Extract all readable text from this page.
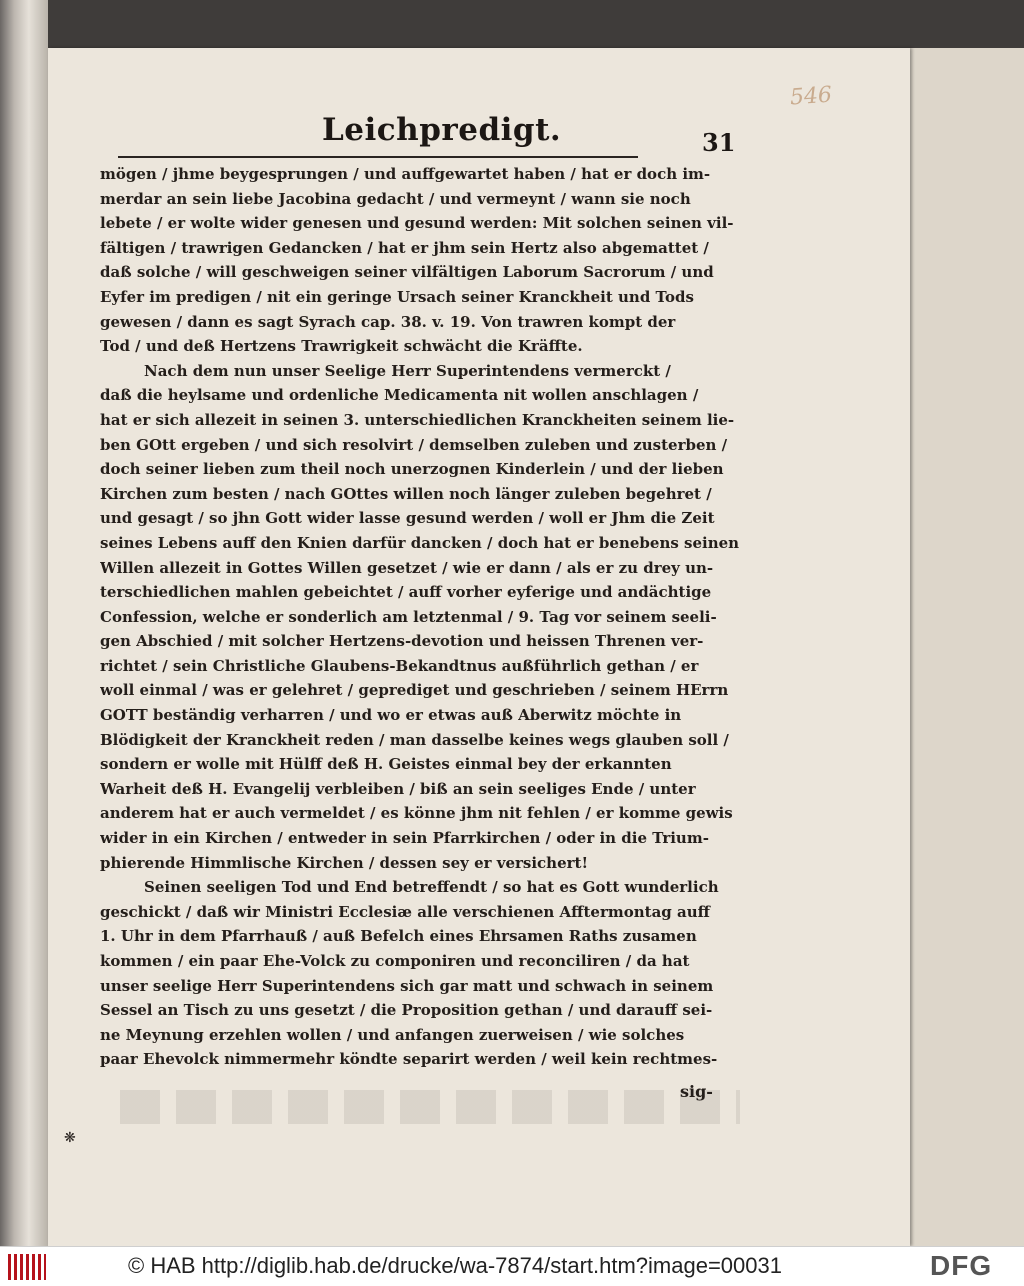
546
Leichpredigt.	31
mögen / jhme beygesprungen / und auffgewartet haben / hat er doch im-
merdar an sein liebe Jacobina gedacht / und vermeynt / wann sie noch
lebete / er wolte wider genesen und gesund werden: Mit solchen seinen vil-
fältigen / trawrigen Gedancken / hat er jhm sein Hertz also abgemattet /
daß solche / will geschweigen seiner vilfältigen Laborum Sacrorum / und
Eyfer im predigen / nit ein geringe Ursach seiner Kranckheit und Tods
gewesen / dann es sagt Syrach cap. 38. v. 19. Von trawren kompt der
Tod / und deß Hertzens Trawrigkeit schwächt die Kräffte.
Nach dem nun unser Seelige Herr Superintendens vermerckt /
daß die heylsame und ordenliche Medicamenta nit wollen anschlagen /
hat er sich allezeit in seinen 3. unterschiedlichen Kranckheiten seinem lie-
ben GOtt ergeben / und sich resolvirt / demselben zuleben und zusterben /
doch seiner lieben zum theil noch unerzognen Kinderlein / und der lieben
Kirchen zum besten / nach GOttes willen noch länger zuleben begehret /
und gesagt / so jhn Gott wider lasse gesund werden / woll er Jhm die Zeit
seines Lebens auff den Knien darfür dancken / doch hat er benebens seinen
Willen allezeit in Gottes Willen gesetzet / wie er dann / als er zu drey un-
terschiedlichen mahlen gebeichtet / auff vorher eyferige und andächtige
Confession, welche er sonderlich am letztenmal / 9. Tag vor seinem seeli-
gen Abschied / mit solcher Hertzens-devotion und heissen Threnen ver-
richtet / sein Christliche Glaubens-Bekandtnus außführlich gethan / er
woll einmal / was er gelehret / geprediget und geschrieben / seinem HErrn
GOTT beständig verharren / und wo er etwas auß Aberwitz möchte in
Blödigkeit der Kranckheit reden / man dasselbe keines wegs glauben soll /
sondern er wolle mit Hülff deß H. Geistes einmal bey der erkannten
Warheit deß H. Evangelij verbleiben / biß an sein seeliges Ende / unter
anderem hat er auch vermeldet / es könne jhm nit fehlen / er komme gewis
wider in ein Kirchen / entweder in sein Pfarrkirchen / oder in die Trium-
phierende Himmlische Kirchen / dessen sey er versichert!
Seinen seeligen Tod und End betreffendt / so hat es Gott wunderlich
geschickt / daß wir Ministri Ecclesiæ alle verschienen Afftermontag auff
1. Uhr in dem Pfarrhauß / auß Befelch eines Ehrsamen Raths zusamen
kommen / ein paar Ehe-Volck zu componiren und reconciliren / da hat
unser seelige Herr Superintendens sich gar matt und schwach in seinem
Sessel an Tisch zu uns gesetzt / die Proposition gethan / und darauff sei-
ne Meynung erzehlen wollen / und anfangen zuerweisen / wie solches
paar Ehevolck nimmermehr köndte separirt werden / weil kein rechtmes-
sig-
❋
© HAB http://diglib.hab.de/drucke/wa-7874/start.htm?image=00031	DFG
